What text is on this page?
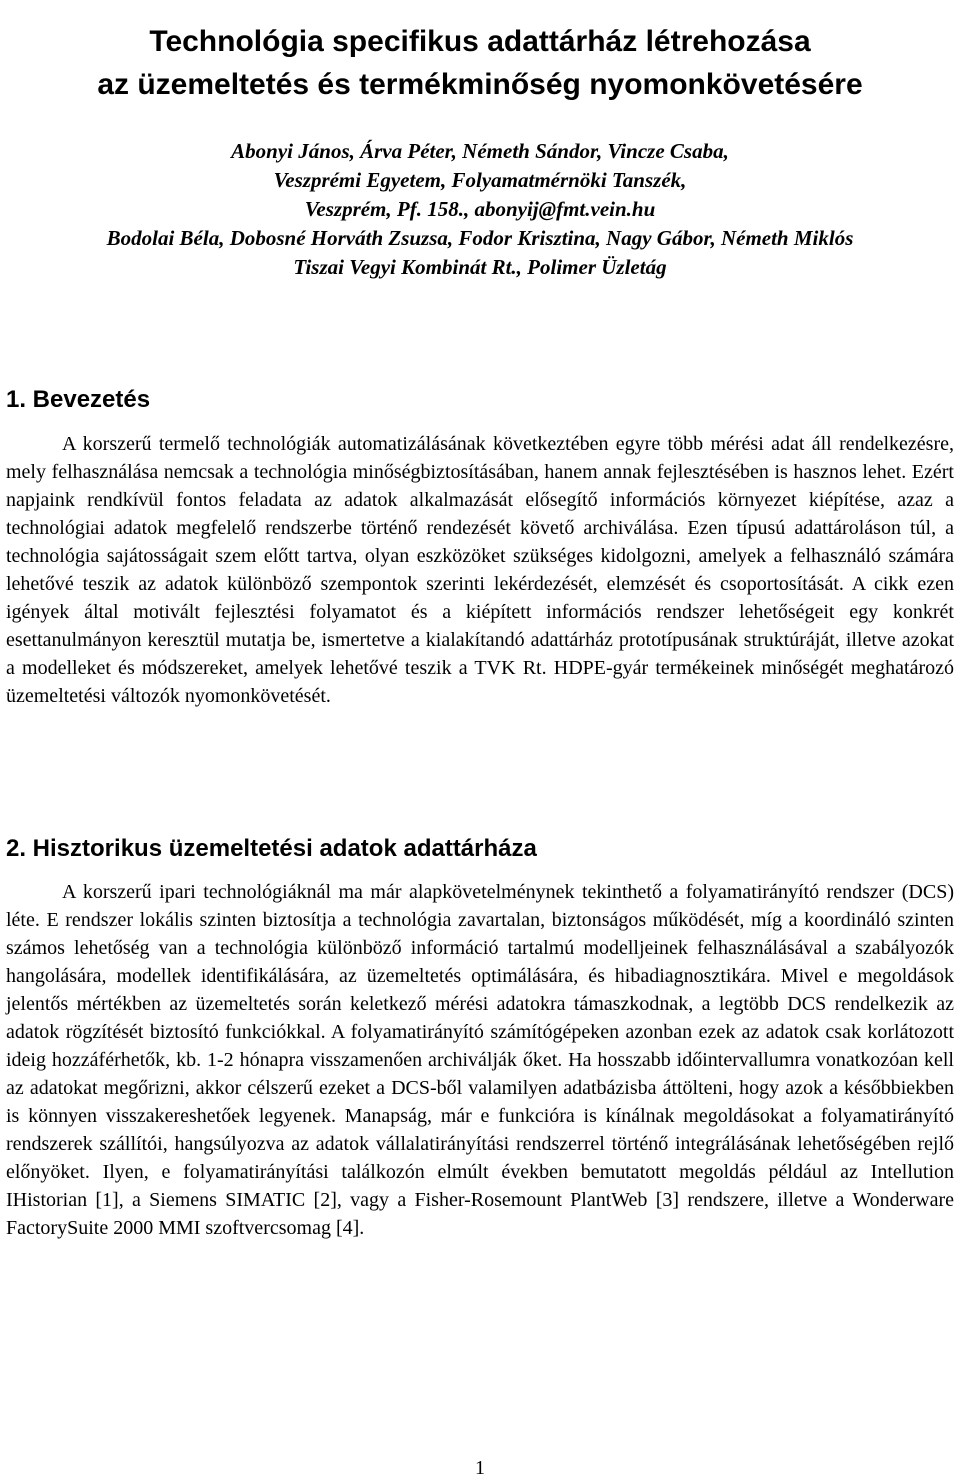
Technológia specifikus adattárház létrehozása
az üzemeltetés és termékminőség nyomonkövetésére
Abonyi János, Árva Péter, Németh Sándor, Vincze Csaba,
Veszprémi Egyetem, Folyamatmérnöki Tanszék,
Veszprém, Pf. 158., abonyij@fmt.vein.hu
Bodolai Béla, Dobosné Horváth Zsuzsa, Fodor Krisztina, Nagy Gábor, Németh Miklós
Tiszai Vegyi Kombinát Rt., Polimer Üzletág
1. Bevezetés

A korszerű termelő technológiák automatizálásának következtében egyre több mérési adat áll rendelkezésre, mely felhasználása nemcsak a technológia minőségbiztosításában, hanem annak fejlesztésében is hasznos lehet. Ezért napjaink rendkívül fontos feladata az adatok alkalmazását elősegítő információs környezet kiépítése, azaz a technológiai adatok megfelelő rendszerbe történő rendezését követő archiválása. Ezen típusú adattároláson túl, a technológia sajátosságait szem előtt tartva, olyan eszközöket szükséges kidolgozni, amelyek a felhasználó számára lehetővé teszik az adatok különböző szempontok szerinti lekérdezését, elemzését és csoportosítását. A cikk ezen igények által motivált fejlesztési folyamatot és a kiépített információs rendszer lehetőségeit egy konkrét esettanulmányon keresztül mutatja be, ismertetve a kialakítandó adattárház prototípusának struktúráját, illetve azokat a modelleket és módszereket, amelyek lehetővé teszik a TVK Rt. HDPE-gyár termékeinek minőségét meghatározó üzemeltetési változók nyomonkövetését.

2. Hisztorikus üzemeltetési adatok adattárháza

A korszerű ipari technológiáknál ma már alapkövetelménynek tekinthető a folyamatirányító rendszer (DCS) léte. E rendszer lokális szinten biztosítja a technológia zavartalan, biztonságos működését, míg a koordináló szinten számos lehetőség van a technológia különböző információ tartalmú modelljeinek felhasználásával a szabályozók hangolására, modellek identifikálására, az üzemeltetés optimálására, és hibadiagnosztikára. Mivel e megoldások jelentős mértékben az üzemeltetés során keletkező mérési adatokra támaszkodnak, a legtöbb DCS rendelkezik az adatok rögzítését biztosító funkciókkal. A folyamatirányító számítógépeken azonban ezek az adatok csak korlátozott ideig hozzáférhetők, kb. 1-2 hónapra visszamenően archiválják őket. Ha hosszabb időintervallumra vonatkozóan kell az adatokat megőrizni, akkor célszerű ezeket a DCS-ből valamilyen adatbázisba áttölteni, hogy azok a későbbiekben is könnyen visszakereshetőek legyenek. Manapság, már e funkcióra is kínálnak megoldásokat a folyamatirányító rendszerek szállítói, hangsúlyozva az adatok vállalatirányítási rendszerrel történő integrálásának lehetőségében rejlő előnyöket. Ilyen, e folyamatirányítási találkozón elmúlt években bemutatott megoldás például az Intellution IHistorian [1], a Siemens SIMATIC [2], vagy a Fisher-Rosemount PlantWeb [3] rendszere, illetve a Wonderware FactorySuite 2000 MMI szoftvercsomag [4].

1
